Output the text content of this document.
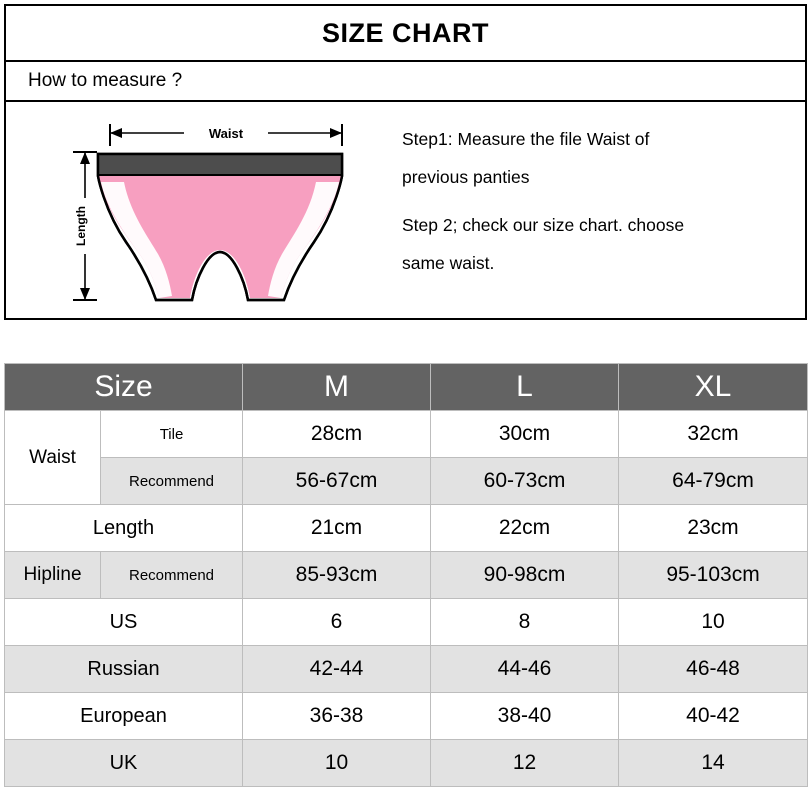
SIZE CHART
How to measure ?
Waist
Length
Step1: Measure the file Waist of
previous panties
Step 2; check our size chart. choose
same waist.
Size		M	L	XL
Waist	Tile	28cm	30cm	32cm
	Recommend	56-67cm	60-73cm	64-79cm
Length		21cm	22cm	23cm
Hipline	Recommend	85-93cm	90-98cm	95-103cm
US		6	8	10
Russian		42-44	44-46	46-48
European		36-38	38-40	40-42
UK		10	12	14
